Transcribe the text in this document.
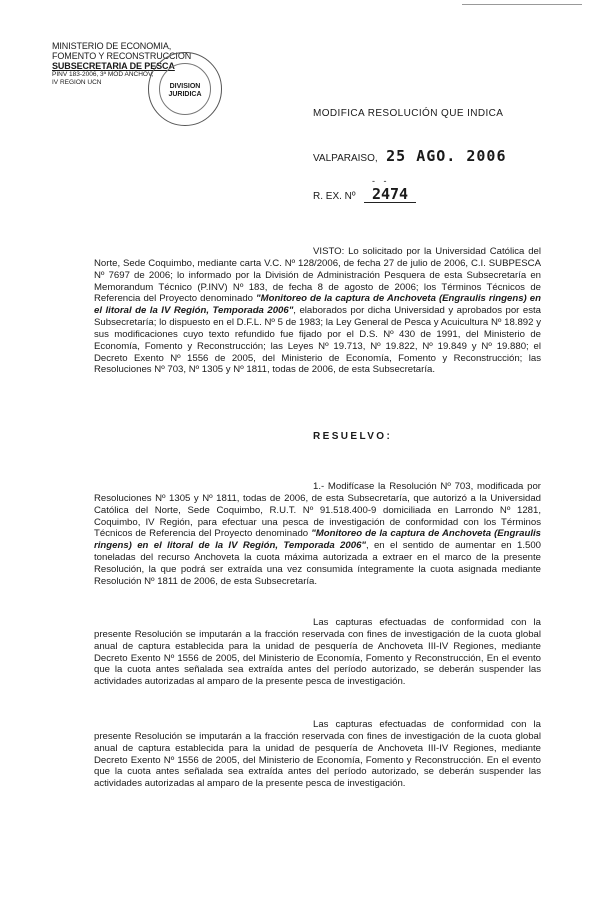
MINISTERIO DE ECONOMIA,
FOMENTO Y RECONSTRUCCION
SUBSECRETARIA DE PESCA
PINV 183-2006, 3ª MOD ANCHOV,
IV REGION UCN
DIVISION
JURIDICA
MODIFICA RESOLUCIÓN QUE INDICA
VALPARAISO, 25 AGO. 2006
- -
R. EX. Nº 2474

VISTO: Lo solicitado por la Universidad Católica del Norte, Sede Coquimbo, mediante carta V.C. Nº 128/2006, de fecha 27 de julio de 2006, C.I. SUBPESCA Nº 7697 de 2006; lo informado por la División de Administración Pesquera de esta Subsecretaría en Memorandum Técnico (P.INV) Nº 183, de fecha 8 de agosto de 2006; los Términos Técnicos de Referencia del Proyecto denominado "Monitoreo de la captura de Anchoveta (Engraulis ringens) en el litoral de la IV Región, Temporada 2006", elaborados por dicha Universidad y aprobados por esta Subsecretaría; lo dispuesto en el D.F.L. Nº 5 de 1983; la Ley General de Pesca y Acuicultura Nº 18.892 y sus modificaciones cuyo texto refundido fue fijado por el D.S. Nº 430 de 1991, del Ministerio de Economía, Fomento y Reconstrucción; las Leyes Nº 19.713, Nº 19.822, Nº 19.849 y Nº 19.880; el Decreto Exento Nº 1556 de 2005, del Ministerio de Economía, Fomento y Reconstrucción; las Resoluciones Nº 703, Nº 1305 y Nº 1811, todas de 2006, de esta Subsecretaría.

RESUELVO:

1.- Modifícase la Resolución Nº 703, modificada por Resoluciones Nº 1305 y Nº 1811, todas de 2006, de esta Subsecretaría, que autorizó a la Universidad Católica del Norte, Sede Coquimbo, R.U.T. Nº 91.518.400-9 domiciliada en Larrondo Nº 1281, Coquimbo, IV Región, para efectuar una pesca de investigación de conformidad con los Términos Técnicos de Referencia del Proyecto denominado "Monitoreo de la captura de Anchoveta (Engraulis ringens) en el litoral de la IV Región, Temporada 2006", en el sentido de aumentar en 1.500 toneladas del recurso Anchoveta la cuota máxima autorizada a extraer en el marco de la presente Resolución, la que podrá ser extraída una vez consumida íntegramente la cuota asignada mediante Resolución Nº 1811 de 2006, de esta Subsecretaría.

Las capturas efectuadas de conformidad con la presente Resolución se imputarán a la fracción reservada con fines de investigación de la cuota global anual de captura establecida para la unidad de pesquería de Anchoveta III-IV Regiones, mediante Decreto Exento Nº 1556 de 2005, del Ministerio de Economía, Fomento y Reconstrucción, En el evento que la cuota antes señalada sea extraída antes del período autorizado, se deberán suspender las actividades autorizadas al amparo de la presente pesca de investigación.

Las capturas efectuadas de conformidad con la presente Resolución se imputarán a la fracción reservada con fines de investigación de la cuota global anual de captura establecida para la unidad de pesquería de Anchoveta III-IV Regiones, mediante Decreto Exento Nº 1556 de 2005, del Ministerio de Economía, Fomento y Reconstrucción. En el evento que la cuota antes señalada sea extraída antes del período autorizado, se deberán suspender las actividades autorizadas al amparo de la presente pesca de investigación.
